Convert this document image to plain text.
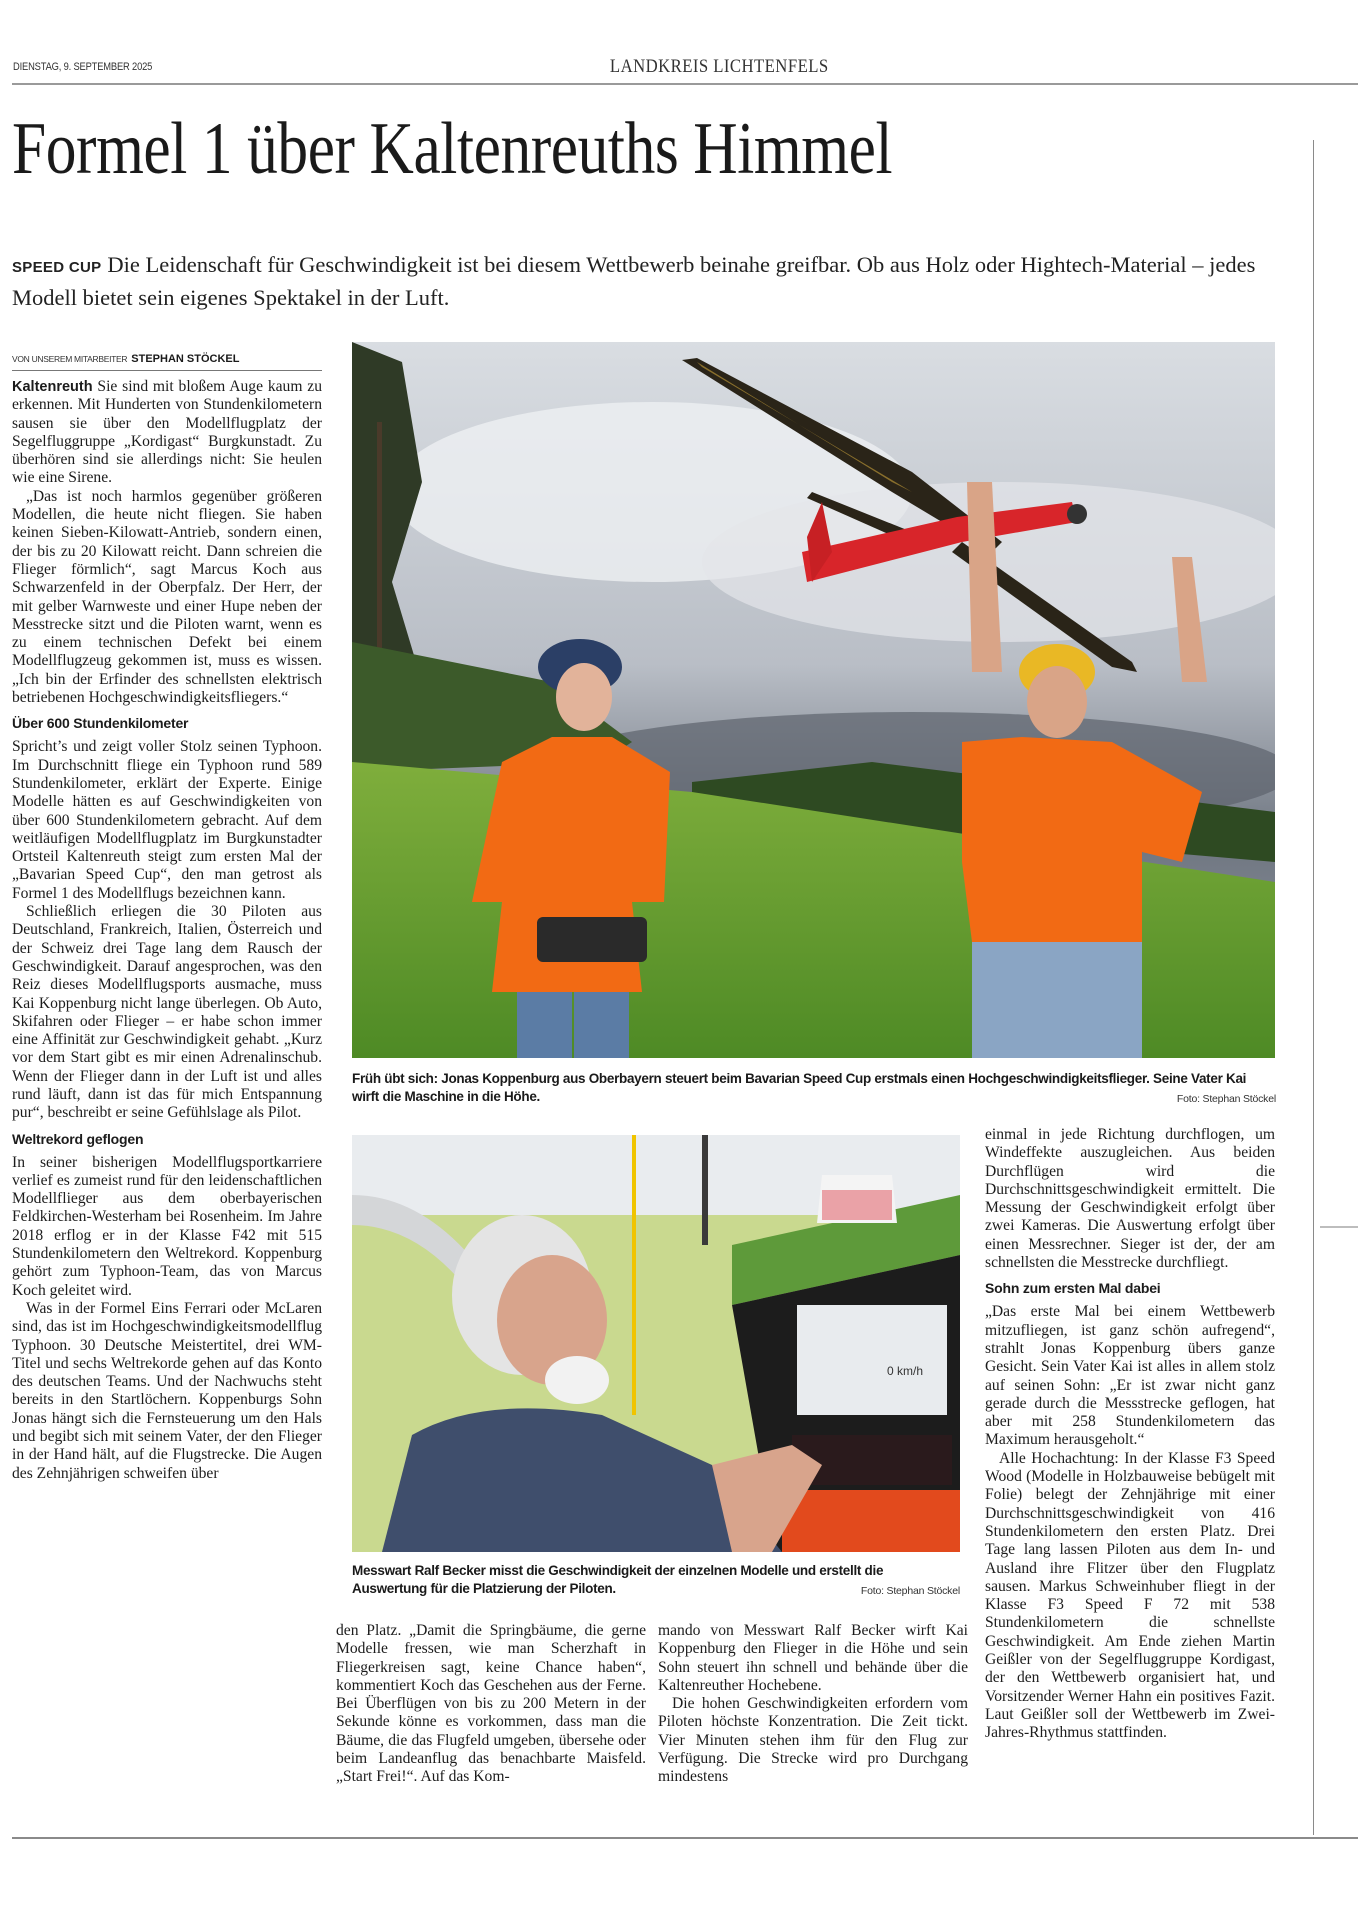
DIENSTAG, 9. SEPTEMBER 2025	LANDKREIS LICHTENFELS
Formel 1 über Kaltenreuths Himmel
SPEED CUP Die Leidenschaft für Geschwindigkeit ist bei diesem Wettbewerb beinahe greifbar. Ob aus Holz oder Hightech-Material – jedes Modell bietet sein eigenes Spektakel in der Luft.
VON UNSEREM MITARBEITER STEPHAN STÖCKEL

Kaltenreuth Sie sind mit bloßem Auge kaum zu erkennen. Mit Hunderten von Stundenkilometern sausen sie über den Modellflugplatz der Segelfluggruppe „Kordigast“ Burgkunstadt. Zu überhören sind sie allerdings nicht: Sie heulen wie eine Sirene.

„Das ist noch harmlos gegenüber größeren Modellen, die heute nicht fliegen. Sie haben keinen Sieben-Kilowatt-Antrieb, sondern einen, der bis zu 20 Kilowatt reicht. Dann schreien die Flieger förmlich“, sagt Marcus Koch aus Schwarzenfeld in der Oberpfalz. Der Herr, der mit gelber Warnweste und einer Hupe neben der Messtrecke sitzt und die Piloten warnt, wenn es zu einem technischen Defekt bei einem Modellflugzeug gekommen ist, muss es wissen. „Ich bin der Erfinder des schnellsten elektrisch betriebenen Hochgeschwindigkeitsfliegers.“

Über 600 Stundenkilometer

Spricht’s und zeigt voller Stolz seinen Typhoon. Im Durchschnitt fliege ein Typhoon rund 589 Stundenkilometer, erklärt der Experte. Einige Modelle hätten es auf Geschwindigkeiten von über 600 Stundenkilometern gebracht. Auf dem weitläufigen Modellflugplatz im Burgkunstadter Ortsteil Kaltenreuth steigt zum ersten Mal der „Bavarian Speed Cup“, den man getrost als Formel 1 des Modellflugs bezeichnen kann.

Schließlich erliegen die 30 Piloten aus Deutschland, Frankreich, Italien, Österreich und der Schweiz drei Tage lang dem Rausch der Geschwindigkeit. Darauf angesprochen, was den Reiz dieses Modellflugsports ausmache, muss Kai Koppenburg nicht lange überlegen. Ob Auto, Skifahren oder Flieger – er habe schon immer eine Affinität zur Geschwindigkeit gehabt. „Kurz vor dem Start gibt es mir einen Adrenalinschub. Wenn der Flieger dann in der Luft ist und alles rund läuft, dann ist das für mich Entspannung pur“, beschreibt er seine Gefühlslage als Pilot.

Weltrekord geflogen

In seiner bisherigen Modellflugsportkarriere verlief es zumeist rund für den leidenschaftlichen Modellflieger aus dem oberbayerischen Feldkirchen-Westerham bei Rosenheim. Im Jahre 2018 erflog er in der Klasse F42 mit 515 Stundenkilometern den Weltrekord. Koppenburg gehört zum Typhoon-Team, das von Marcus Koch geleitet wird.

Was in der Formel Eins Ferrari oder McLaren sind, das ist im Hochgeschwindigkeitsmodellflug Typhoon. 30 Deutsche Meistertitel, drei WM-Titel und sechs Weltrekorde gehen auf das Konto des deutschen Teams. Und der Nachwuchs steht bereits in den Startlöchern. Koppenburgs Sohn Jonas hängt sich die Fernsteuerung um den Hals und begibt sich mit seinem Vater, der den Flieger in der Hand hält, auf die Flugstrecke. Die Augen des Zehnjährigen schweifen über

Früh übt sich: Jonas Koppenburg aus Oberbayern steuert beim Bavarian Speed Cup erstmals einen Hochgeschwindigkeitsflieger. Seine Vater Kai wirft die Maschine in die Höhe.	Foto: Stephan Stöckel
0 km/h
Messwart Ralf Becker misst die Geschwindigkeit der einzelnen Modelle und erstellt die Auswertung für die Platzierung der Piloten.	Foto: Stephan Stöckel

den Platz. „Damit die Springbäume, die gerne Modelle fressen, wie man Scherzhaft in Fliegerkreisen sagt, keine Chance haben“, kommentiert Koch das Geschehen aus der Ferne. Bei Überflügen von bis zu 200 Metern in der Sekunde könne es vorkommen, dass man die Bäume, die das Flugfeld umgeben, übersehe oder beim Landeanflug das benachbarte Maisfeld. „Start Frei!“. Auf das Kom-

mando von Messwart Ralf Becker wirft Kai Koppenburg den Flieger in die Höhe und sein Sohn steuert ihn schnell und behände über die Kaltenreuther Hochebene.

Die hohen Geschwindigkeiten erfordern vom Piloten höchste Konzentration. Die Zeit tickt. Vier Minuten stehen ihm für den Flug zur Verfügung. Die Strecke wird pro Durchgang mindestens

einmal in jede Richtung durchflogen, um Windeffekte auszugleichen. Aus beiden Durchflügen wird die Durchschnittsgeschwindigkeit ermittelt. Die Messung der Geschwindigkeit erfolgt über zwei Kameras. Die Auswertung erfolgt über einen Messrechner. Sieger ist der, der am schnellsten die Messtrecke durchfliegt.

Sohn zum ersten Mal dabei

„Das erste Mal bei einem Wettbewerb mitzufliegen, ist ganz schön aufregend“, strahlt Jonas Koppenburg übers ganze Gesicht. Sein Vater Kai ist alles in allem stolz auf seinen Sohn: „Er ist zwar nicht ganz gerade durch die Messstrecke geflogen, hat aber mit 258 Stundenkilometern das Maximum herausgeholt.“

Alle Hochachtung: In der Klasse F3 Speed Wood (Modelle in Holzbauweise bebügelt mit Folie) belegt der Zehnjährige mit einer Durchschnittsgeschwindigkeit von 416 Stundenkilometern den ersten Platz. Drei Tage lang lassen Piloten aus dem In- und Ausland ihre Flitzer über den Flugplatz sausen. Markus Schweinhuber fliegt in der Klasse F3 Speed F 72 mit 538 Stundenkilometern die schnellste Geschwindigkeit. Am Ende ziehen Martin Geißler von der Segelfluggruppe Kordigast, der den Wettbewerb organisiert hat, und Vorsitzender Werner Hahn ein positives Fazit. Laut Geißler soll der Wettbewerb im Zwei-Jahres-Rhythmus stattfinden.
